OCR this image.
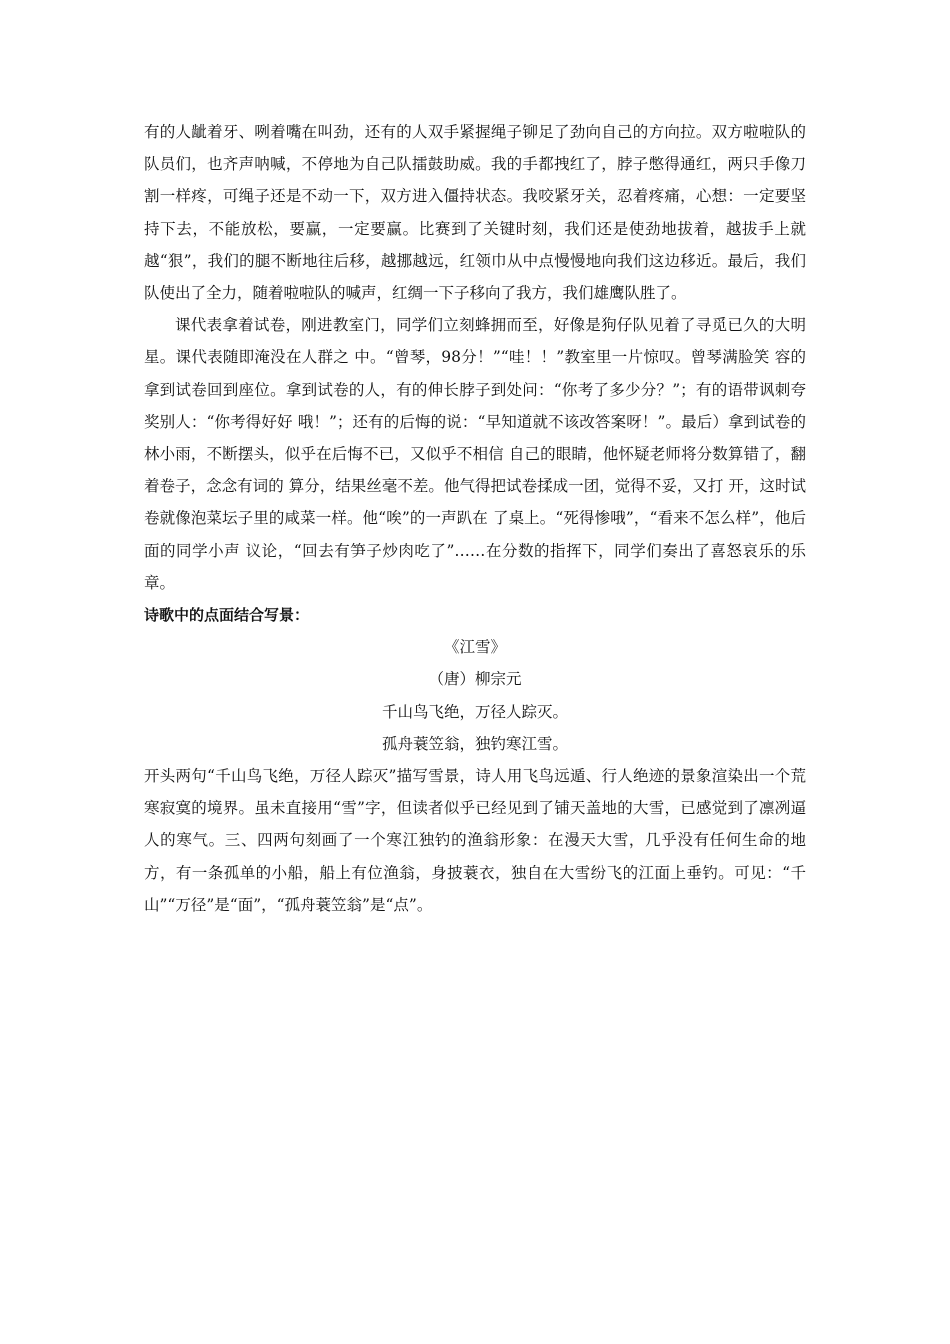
有的人龇着牙、咧着嘴在叫劲，还有的人双手紧握绳子铆足了劲向自己的方向拉。双方啦啦队的队员们，也齐声呐喊，不停地为自己队擂鼓助威。我的手都拽红了，脖子憋得通红，两只手像刀割一样疼，可绳子还是不动一下，双方进入僵持状态。我咬紧牙关，忍着疼痛，心想：一定要坚持下去，不能放松，要赢，一定要赢。比赛到了关键时刻，我们还是使劲地拔着，越拔手上就越“狠”，我们的腿不断地往后移，越挪越远，红领巾从中点慢慢地向我们这边移近。最后，我们队使出了全力，随着啦啦队的喊声，红绸一下子移向了我方，我们雄鹰队胜了。

课代表拿着试卷，刚进教室门，同学们立刻蜂拥而至，好像是狗仔队见着了寻觅已久的大明星。课代表随即淹没在人群之 中。“曾琴，98分！”“哇！！”教室里一片惊叹。曾琴满脸笑 容的拿到试卷回到座位。拿到试卷的人，有的伸长脖子到处问：“你考了多少分？”；有的语带讽刺夸奖别人：“你考得好好 哦！”；还有的后悔的说：“早知道就不该改答案呀！”。最后）拿到试卷的林小雨，不断摆头，似乎在后悔不已，又似乎不相信 自己的眼睛，他怀疑老师将分数算错了，翻着卷子，念念有词的 算分，结果丝毫不差。他气得把试卷揉成一团，觉得不妥，又打 开，这时试卷就像泡菜坛子里的咸菜一样。他“唉”的一声趴在 了桌上。“死得惨哦”，“看来不怎么样”，他后面的同学小声 议论，“回去有笋子炒肉吃了”……在分数的指挥下，同学们奏出了喜怒哀乐的乐章。

诗歌中的点面结合写景：

《江雪》
（唐）柳宗元
千山鸟飞绝，万径人踪灭。
孤舟蓑笠翁，独钓寒江雪。

开头两句“千山鸟飞绝，万径人踪灭”描写雪景，诗人用飞鸟远遁、行人绝迹的景象渲染出一个荒寒寂寞的境界。虽未直接用“雪”字，但读者似乎已经见到了铺天盖地的大雪，已感觉到了凛冽逼人的寒气。三、四两句刻画了一个寒江独钓的渔翁形象：在漫天大雪，几乎没有任何生命的地方，有一条孤单的小船，船上有位渔翁，身披蓑衣，独自在大雪纷飞的江面上垂钓。可见：“千山”“万径”是“面”，“孤舟蓑笠翁”是“点”。
